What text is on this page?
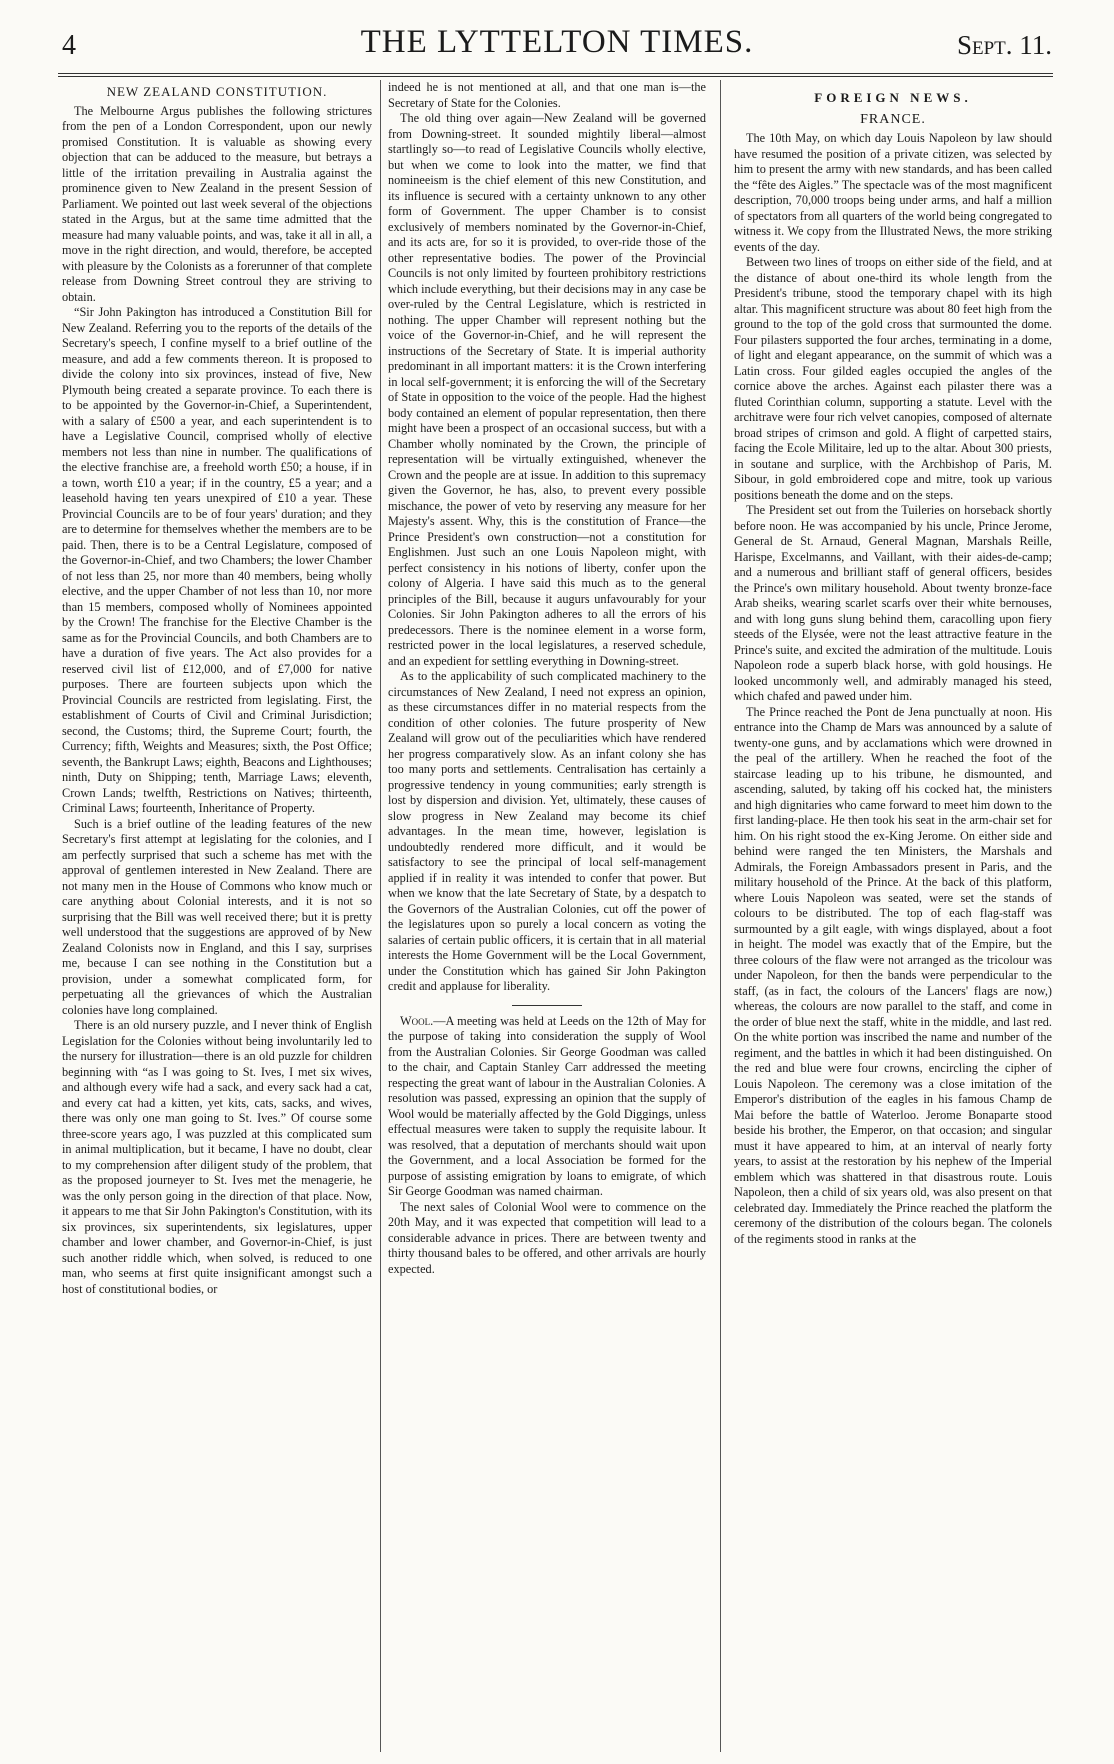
4	THE LYTTELTON TIMES.	Sept. 11.
NEW ZEALAND CONSTITUTION.

The Melbourne Argus publishes the following strictures from the pen of a London Correspondent, upon our newly promised Constitution. It is valuable as showing every objection that can be adduced to the measure, but betrays a little of the irritation prevailing in Australia against the prominence given to New Zealand in the present Session of Parliament. We pointed out last week several of the objections stated in the Argus, but at the same time admitted that the measure had many valuable points, and was, take it all in all, a move in the right direction, and would, therefore, be accepted with pleasure by the Colonists as a forerunner of that complete release from Downing Street controul they are striving to obtain.

“Sir John Pakington has introduced a Constitution Bill for New Zealand. Referring you to the reports of the details of the Secretary's speech, I confine myself to a brief outline of the measure, and add a few comments thereon. It is proposed to divide the colony into six provinces, instead of five, New Plymouth being created a separate province. To each there is to be appointed by the Governor-in-Chief, a Superintendent, with a salary of £500 a year, and each superintendent is to have a Legislative Council, comprised wholly of elective members not less than nine in number. The qualifications of the elective franchise are, a freehold worth £50; a house, if in a town, worth £10 a year; if in the country, £5 a year; and a leasehold having ten years unexpired of £10 a year. These Provincial Councils are to be of four years' duration; and they are to determine for themselves whether the members are to be paid. Then, there is to be a Central Legislature, composed of the Governor-in-Chief, and two Chambers; the lower Chamber of not less than 25, nor more than 40 members, being wholly elective, and the upper Chamber of not less than 10, nor more than 15 members, composed wholly of Nominees appointed by the Crown! The franchise for the Elective Chamber is the same as for the Provincial Councils, and both Chambers are to have a duration of five years. The Act also provides for a reserved civil list of £12,000, and of £7,000 for native purposes. There are fourteen subjects upon which the Provincial Councils are restricted from legislating. First, the establishment of Courts of Civil and Criminal Jurisdiction; second, the Customs; third, the Supreme Court; fourth, the Currency; fifth, Weights and Measures; sixth, the Post Office; seventh, the Bankrupt Laws; eighth, Beacons and Lighthouses; ninth, Duty on Shipping; tenth, Marriage Laws; eleventh, Crown Lands; twelfth, Restrictions on Natives; thirteenth, Criminal Laws; fourteenth, Inheritance of Property.

Such is a brief outline of the leading features of the new Secretary's first attempt at legislating for the colonies, and I am perfectly surprised that such a scheme has met with the approval of gentlemen interested in New Zealand. There are not many men in the House of Commons who know much or care anything about Colonial interests, and it is not so surprising that the Bill was well received there; but it is pretty well understood that the suggestions are approved of by New Zealand Colonists now in England, and this I say, surprises me, because I can see nothing in the Constitution but a provision, under a somewhat complicated form, for perpetuating all the grievances of which the Australian colonies have long complained.

There is an old nursery puzzle, and I never think of English Legislation for the Colonies without being involuntarily led to the nursery for illustration—there is an old puzzle for children beginning with “as I was going to St. Ives, I met six wives, and although every wife had a sack, and every sack had a cat, and every cat had a kitten, yet kits, cats, sacks, and wives, there was only one man going to St. Ives.” Of course some three-score years ago, I was puzzled at this complicated sum in animal multiplication, but it became, I have no doubt, clear to my comprehension after diligent study of the problem, that as the proposed journeyer to St. Ives met the menagerie, he was the only person going in the direction of that place. Now, it appears to me that Sir John Pakington's Constitution, with its six provinces, six superintendents, six legislatures, upper chamber and lower chamber, and Governor-in-Chief, is just such another riddle which, when solved, is reduced to one man, who seems at first quite insignificant amongst such a host of constitutional bodies, or

indeed he is not mentioned at all, and that one man is—the Secretary of State for the Colonies.

The old thing over again—New Zealand will be governed from Downing-street. It sounded mightily liberal—almost startlingly so—to read of Legislative Councils wholly elective, but when we come to look into the matter, we find that nomineeism is the chief element of this new Constitution, and its influence is secured with a certainty unknown to any other form of Government. The upper Chamber is to consist exclusively of members nominated by the Governor-in-Chief, and its acts are, for so it is provided, to over-ride those of the other representative bodies. The power of the Provincial Councils is not only limited by fourteen prohibitory restrictions which include everything, but their decisions may in any case be over-ruled by the Central Legislature, which is restricted in nothing. The upper Chamber will represent nothing but the voice of the Governor-in-Chief, and he will represent the instructions of the Secretary of State. It is imperial authority predominant in all important matters: it is the Crown interfering in local self-government; it is enforcing the will of the Secretary of State in opposition to the voice of the people. Had the highest body contained an element of popular representation, then there might have been a prospect of an occasional success, but with a Chamber wholly nominated by the Crown, the principle of representation will be virtually extinguished, whenever the Crown and the people are at issue. In addition to this supremacy given the Governor, he has, also, to prevent every possible mischance, the power of veto by reserving any measure for her Majesty's assent. Why, this is the constitution of France—the Prince President's own construction—not a constitution for Englishmen. Just such an one Louis Napoleon might, with perfect consistency in his notions of liberty, confer upon the colony of Algeria. I have said this much as to the general principles of the Bill, because it augurs unfavourably for your Colonies. Sir John Pakington adheres to all the errors of his predecessors. There is the nominee element in a worse form, restricted power in the local legislatures, a reserved schedule, and an expedient for settling everything in Downing-street.

As to the applicability of such complicated machinery to the circumstances of New Zealand, I need not express an opinion, as these circumstances differ in no material respects from the condition of other colonies. The future prosperity of New Zealand will grow out of the peculiarities which have rendered her progress comparatively slow. As an infant colony she has too many ports and settlements. Centralisation has certainly a progressive tendency in young communities; early strength is lost by dispersion and division. Yet, ultimately, these causes of slow progress in New Zealand may become its chief advantages. In the mean time, however, legislation is undoubtedly rendered more difficult, and it would be satisfactory to see the principal of local self-management applied if in reality it was intended to confer that power. But when we know that the late Secretary of State, by a despatch to the Governors of the Australian Colonies, cut off the power of the legislatures upon so purely a local concern as voting the salaries of certain public officers, it is certain that in all material interests the Home Government will be the Local Government, under the Constitution which has gained Sir John Pakington credit and applause for liberality.

Wool.—A meeting was held at Leeds on the 12th of May for the purpose of taking into consideration the supply of Wool from the Australian Colonies. Sir George Goodman was called to the chair, and Captain Stanley Carr addressed the meeting respecting the great want of labour in the Australian Colonies. A resolution was passed, expressing an opinion that the supply of Wool would be materially affected by the Gold Diggings, unless effectual measures were taken to supply the requisite labour. It was resolved, that a deputation of merchants should wait upon the Government, and a local Association be formed for the purpose of assisting emigration by loans to emigrate, of which Sir George Goodman was named chairman.

The next sales of Colonial Wool were to commence on the 20th May, and it was expected that competition will lead to a considerable advance in prices. There are between twenty and thirty thousand bales to be offered, and other arrivals are hourly expected.

FOREIGN NEWS.
FRANCE.

The 10th May, on which day Louis Napoleon by law should have resumed the position of a private citizen, was selected by him to present the army with new standards, and has been called the “fête des Aigles.” The spectacle was of the most magnificent description, 70,000 troops being under arms, and half a million of spectators from all quarters of the world being congregated to witness it. We copy from the Illustrated News, the more striking events of the day.

Between two lines of troops on either side of the field, and at the distance of about one-third its whole length from the President's tribune, stood the temporary chapel with its high altar. This magnificent structure was about 80 feet high from the ground to the top of the gold cross that surmounted the dome. Four pilasters supported the four arches, terminating in a dome, of light and elegant appearance, on the summit of which was a Latin cross. Four gilded eagles occupied the angles of the cornice above the arches. Against each pilaster there was a fluted Corinthian column, supporting a statute. Level with the architrave were four rich velvet canopies, composed of alternate broad stripes of crimson and gold. A flight of carpetted stairs, facing the Ecole Militaire, led up to the altar. About 300 priests, in soutane and surplice, with the Archbishop of Paris, M. Sibour, in gold embroidered cope and mitre, took up various positions beneath the dome and on the steps.

The President set out from the Tuileries on horseback shortly before noon. He was accompanied by his uncle, Prince Jerome, General de St. Arnaud, General Magnan, Marshals Reille, Harispe, Excelmanns, and Vaillant, with their aides-de-camp; and a numerous and brilliant staff of general officers, besides the Prince's own military household. About twenty bronze-face Arab sheiks, wearing scarlet scarfs over their white bernouses, and with long guns slung behind them, caracolling upon fiery steeds of the Elysée, were not the least attractive feature in the Prince's suite, and excited the admiration of the multitude. Louis Napoleon rode a superb black horse, with gold housings. He looked uncommonly well, and admirably managed his steed, which chafed and pawed under him.

The Prince reached the Pont de Jena punctually at noon. His entrance into the Champ de Mars was announced by a salute of twenty-one guns, and by acclamations which were drowned in the peal of the artillery. When he reached the foot of the staircase leading up to his tribune, he dismounted, and ascending, saluted, by taking off his cocked hat, the ministers and high dignitaries who came forward to meet him down to the first landing-place. He then took his seat in the arm-chair set for him. On his right stood the ex-King Jerome. On either side and behind were ranged the ten Ministers, the Marshals and Admirals, the Foreign Ambassadors present in Paris, and the military household of the Prince. At the back of this platform, where Louis Napoleon was seated, were set the stands of colours to be distributed. The top of each flag-staff was surmounted by a gilt eagle, with wings displayed, about a foot in height. The model was exactly that of the Empire, but the three colours of the flaw were not arranged as the tricolour was under Napoleon, for then the bands were perpendicular to the staff, (as in fact, the colours of the Lancers' flags are now,) whereas, the colours are now parallel to the staff, and come in the order of blue next the staff, white in the middle, and last red. On the white portion was inscribed the name and number of the regiment, and the battles in which it had been distinguished. On the red and blue were four crowns, encircling the cipher of Louis Napoleon. The ceremony was a close imitation of the Emperor's distribution of the eagles in his famous Champ de Mai before the battle of Waterloo. Jerome Bonaparte stood beside his brother, the Emperor, on that occasion; and singular must it have appeared to him, at an interval of nearly forty years, to assist at the restoration by his nephew of the Imperial emblem which was shattered in that disastrous route. Louis Napoleon, then a child of six years old, was also present on that celebrated day. Immediately the Prince reached the platform the ceremony of the distribution of the colours began. The colonels of the regiments stood in ranks at the
